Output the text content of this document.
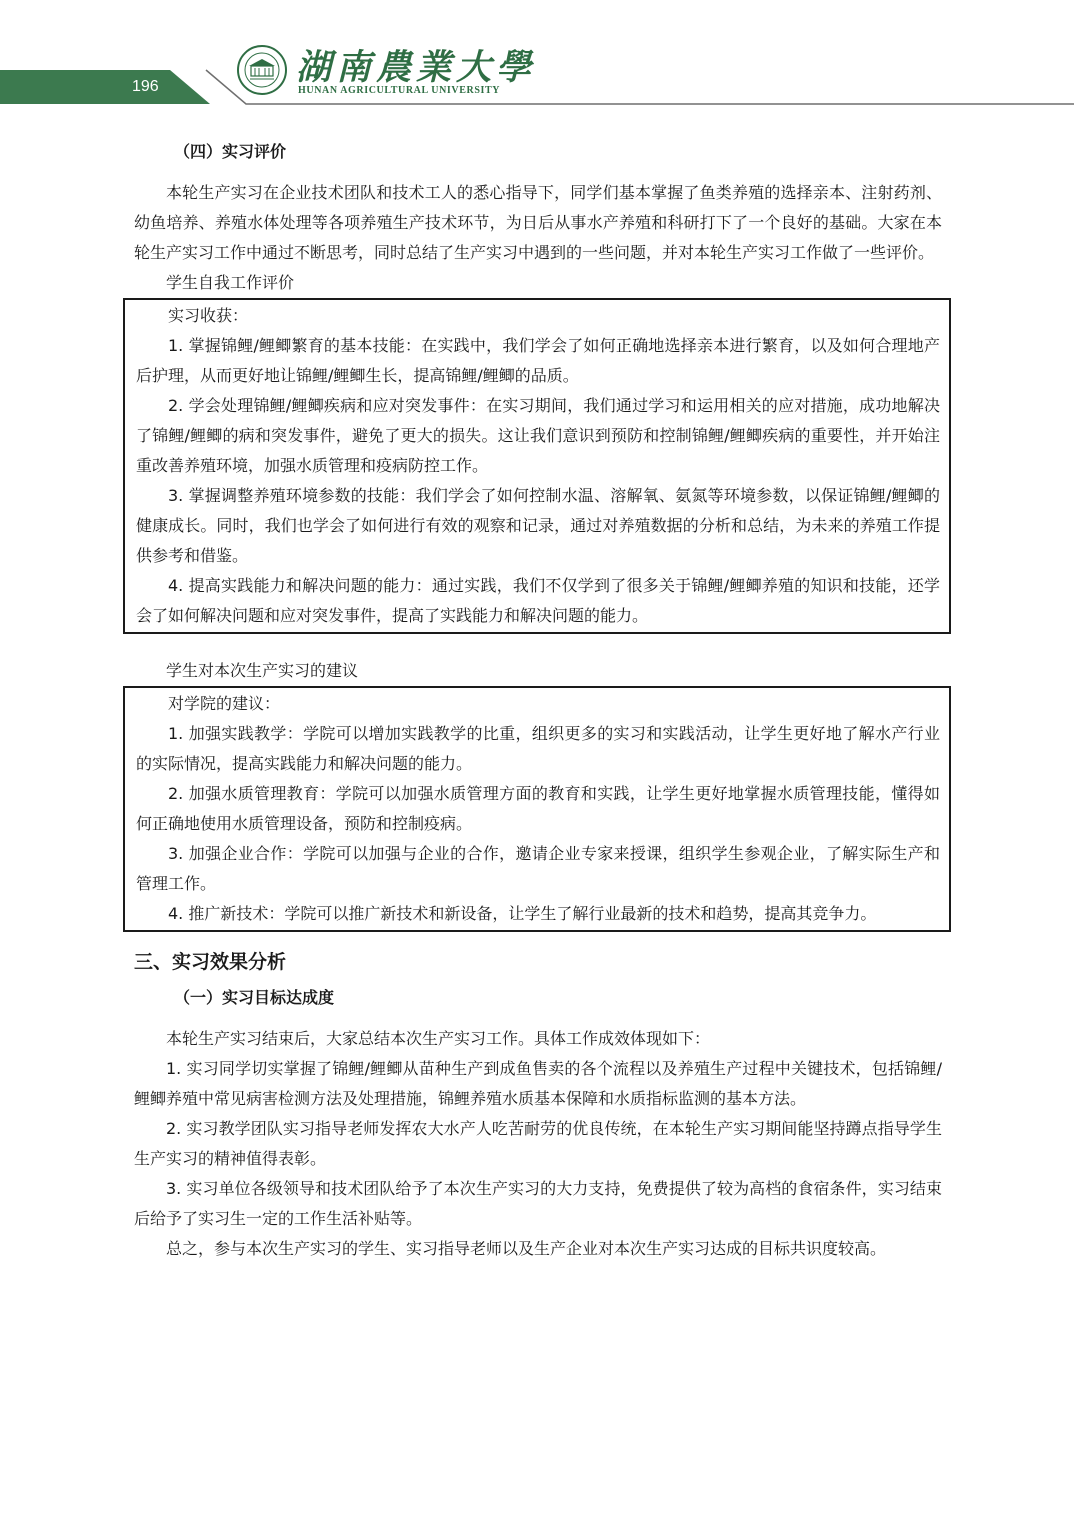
196	湖南農業大學
HUNAN AGRICULTURAL UNIVERSITY

（四）实习评价

本轮生产实习在企业技术团队和技术工人的悉心指导下，同学们基本掌握了鱼类养殖的选择亲本、注射药剂、幼鱼培养、养殖水体处理等各项养殖生产技术环节，为日后从事水产养殖和科研打下了一个良好的基础。大家在本轮生产实习工作中通过不断思考，同时总结了生产实习中遇到的一些问题，并对本轮生产实习工作做了一些评价。

学生自我工作评价

实习收获：

1. 掌握锦鲤/鲤鲫繁育的基本技能：在实践中，我们学会了如何正确地选择亲本进行繁育，以及如何合理地产后护理，从而更好地让锦鲤/鲤鲫生长，提高锦鲤/鲤鲫的品质。

2. 学会处理锦鲤/鲤鲫疾病和应对突发事件：在实习期间，我们通过学习和运用相关的应对措施，成功地解决了锦鲤/鲤鲫的病和突发事件，避免了更大的损失。这让我们意识到预防和控制锦鲤/鲤鲫疾病的重要性，并开始注重改善养殖环境，加强水质管理和疫病防控工作。

3. 掌握调整养殖环境参数的技能：我们学会了如何控制水温、溶解氧、氨氮等环境参数，以保证锦鲤/鲤鲫的健康成长。同时，我们也学会了如何进行有效的观察和记录，通过对养殖数据的分析和总结，为未来的养殖工作提供参考和借鉴。

4. 提高实践能力和解决问题的能力：通过实践，我们不仅学到了很多关于锦鲤/鲤鲫养殖的知识和技能，还学会了如何解决问题和应对突发事件，提高了实践能力和解决问题的能力。

学生对本次生产实习的建议

对学院的建议：

1. 加强实践教学：学院可以增加实践教学的比重，组织更多的实习和实践活动，让学生更好地了解水产行业的实际情况，提高实践能力和解决问题的能力。

2. 加强水质管理教育：学院可以加强水质管理方面的教育和实践，让学生更好地掌握水质管理技能，懂得如何正确地使用水质管理设备，预防和控制疫病。

3. 加强企业合作：学院可以加强与企业的合作，邀请企业专家来授课，组织学生参观企业，了解实际生产和管理工作。

4. 推广新技术：学院可以推广新技术和新设备，让学生了解行业最新的技术和趋势，提高其竞争力。

三、实习效果分析

（一）实习目标达成度

本轮生产实习结束后，大家总结本次生产实习工作。具体工作成效体现如下：

1. 实习同学切实掌握了锦鲤/鲤鲫从苗种生产到成鱼售卖的各个流程以及养殖生产过程中关键技术，包括锦鲤/鲤鲫养殖中常见病害检测方法及处理措施，锦鲤养殖水质基本保障和水质指标监测的基本方法。

2. 实习教学团队实习指导老师发挥农大水产人吃苦耐劳的优良传统，在本轮生产实习期间能坚持蹲点指导学生生产实习的精神值得表彰。

3. 实习单位各级领导和技术团队给予了本次生产实习的大力支持，免费提供了较为高档的食宿条件，实习结束后给予了实习生一定的工作生活补贴等。

总之，参与本次生产实习的学生、实习指导老师以及生产企业对本次生产实习达成的目标共识度较高。
